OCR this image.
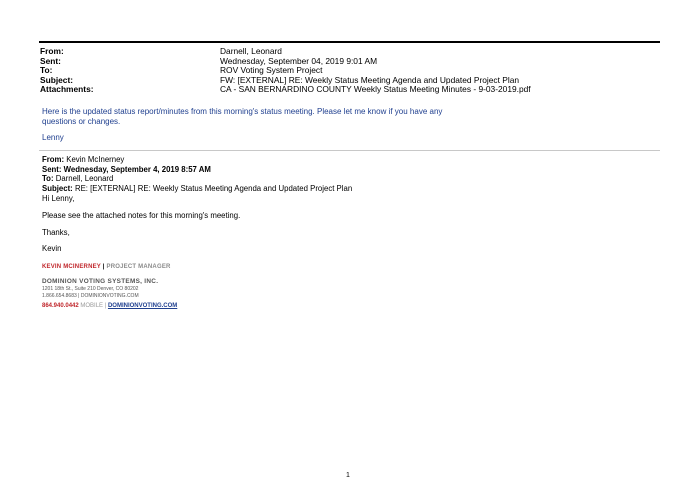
From:	Darnell, Leonard
Sent:	Wednesday, September 04, 2019 9:01 AM
To:	ROV Voting System Project
Subject:	FW: [EXTERNAL] RE: Weekly Status Meeting Agenda and Updated Project Plan
Attachments:	CA - SAN BERNARDINO COUNTY Weekly Status Meeting Minutes - 9-03-2019.pdf
Here is the updated status report/minutes from this morning's status meeting. Please let me know if you have any
questions or changes.
Lenny
From: Kevin McInerney
Sent: Wednesday, September 4, 2019 8:57 AM
To: Darnell, Leonard
Subject: RE: [EXTERNAL] RE: Weekly Status Meeting Agenda and Updated Project Plan
Hi Lenny,
Please see the attached notes for this morning's meeting.
Thanks,
Kevin
KEVIN MCINERNEY | PROJECT MANAGER
DOMINION VOTING SYSTEMS, INC.
1201 18th St., Suite 210 Denver, CO 80202
1.866.654.8683 | DOMINIONVOTING.COM
864.940.0442 MOBILE | DOMINIONVOTING.COM
1
